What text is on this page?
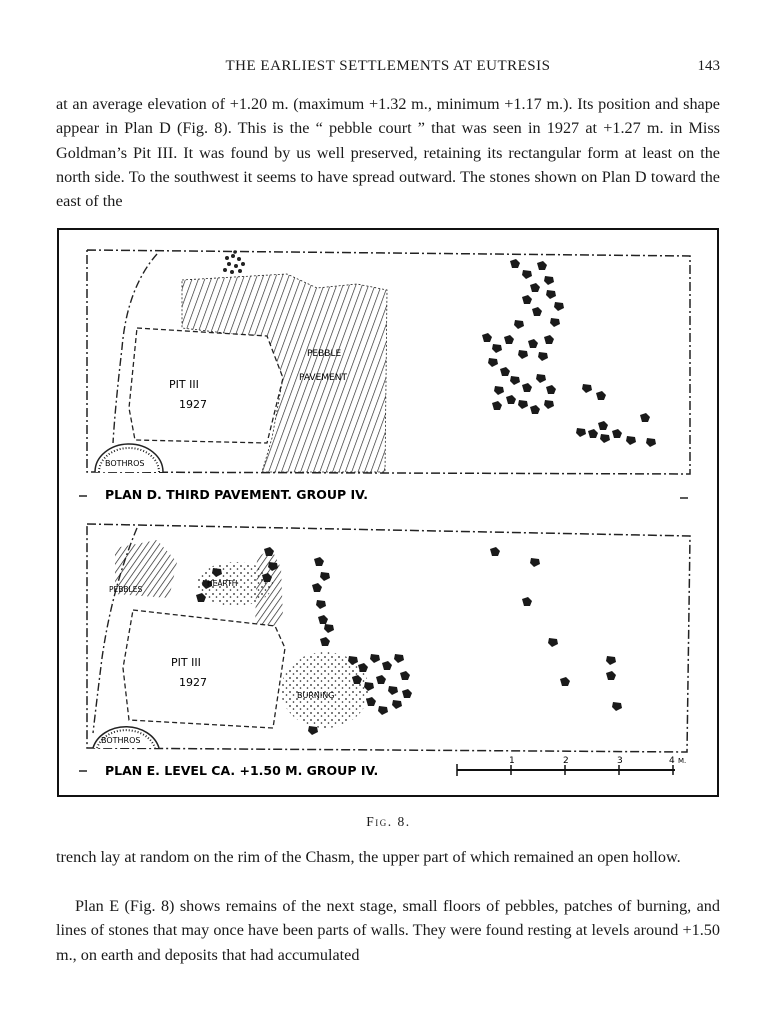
THE EARLIEST SETTLEMENTS AT EUTRESIS	143

at an average elevation of +1.20 m. (maximum +1.32 m., minimum +1.17 m.). Its position and shape appear in Plan D (Fig. 8). This is the “ pebble court ” that was seen in 1927 at +1.27 m. in Miss Goldman’s Pit III. It was found by us well preserved, retaining its rectangular form at least on the north side. To the southwest it seems to have spread outward. The stones shown on Plan D toward the east of the

PIT III
1927
PEBBLE
PAVEMENT
BOTHROS
PLAN D. THIRD PAVEMENT. GROUP IV.
PEBBLES
HEARTH
PIT III
1927
BURNING
BOTHROS
PLAN E. LEVEL CA. +1.50 M. GROUP IV.
1	2	3	4 M.
Fig. 8.

trench lay at random on the rim of the Chasm, the upper part of which remained an open hollow.

Plan E (Fig. 8) shows remains of the next stage, small floors of pebbles, patches of burning, and lines of stones that may once have been parts of walls. They were found resting at levels around +1.50 m., on earth and deposits that had accumulated
